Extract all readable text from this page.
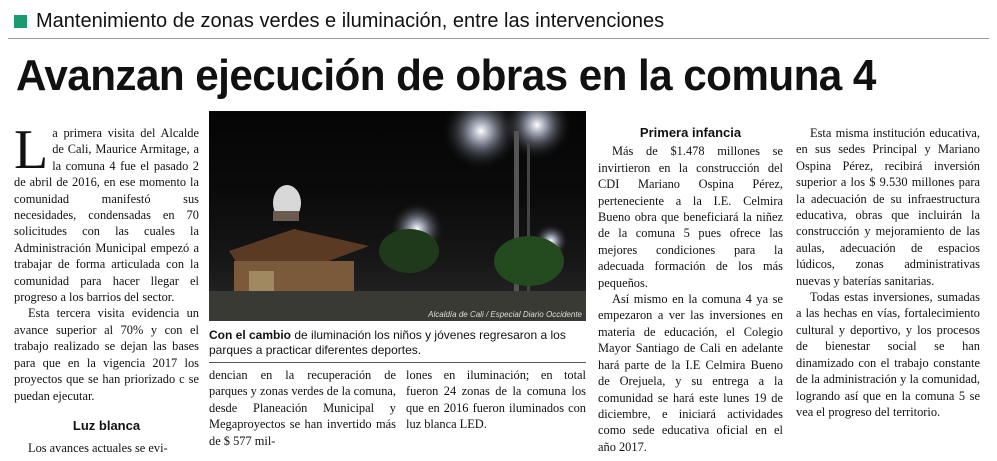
Mantenimiento de zonas verdes e iluminación, entre las intervenciones
Avanzan ejecución de obras en la comuna 4

La primera visita del Alcalde de Cali, Maurice Armitage, a la comuna 4 fue el pasado 2 de abril de 2016, en ese momento la comunidad manifestó sus necesidades, condensadas en 70 solicitudes con las cuales la Administración Municipal empezó a trabajar de forma articulada con la comunidad para hacer llegar el progreso a los barrios del sector.

Esta tercera visita evidencia un avance superior al 70% y con el trabajo realizado se dejan las bases para que en la vigencia 2017 los proyectos que se han priorizado c se puedan ejecutar.

Luz blanca

Los avances actuales se evi-

Alcaldía de Cali / Especial Diario Occidente
Con el cambio de iluminación los niños y jóvenes regresaron a los parques a practicar diferentes deportes.

dencian en la recuperación de parques y zonas verdes de la comuna, desde Planeación Municipal y Megaproyectos se han invertido más de $ 577 mil-

lones en iluminación; en total fueron 24 zonas de la comuna los que en 2016 fueron iluminados con luz blanca LED.

Primera infancia

Más de $1.478 millones se invirtieron en la construcción del CDI Mariano Ospina Pérez, perteneciente a la I.E. Celmira Bueno obra que beneficiará la niñez de la comuna 5 pues ofrece las mejores condiciones para la adecuada formación de los más pequeños.

Así mismo en la comuna 4 ya se empezaron a ver las inversiones en materia de educación, el Colegio Mayor Santiago de Cali en adelante hará parte de la I.E Celmira Bueno de Orejuela, y su entrega a la comunidad se hará este lunes 19 de diciembre, e iniciará actividades como sede educativa oficial en el año 2017.

Esta misma institución educativa, en sus sedes Principal y Mariano Ospina Pérez, recibirá inversión superior a los $ 9.530 millones para la adecuación de su infraestructura educativa, obras que incluirán la construcción y mejoramiento de las aulas, adecuación de espacios lúdicos, zonas administrativas nuevas y baterías sanitarias.

Todas estas inversiones, sumadas a las hechas en vías, fortalecimiento cultural y deportivo, y los procesos de bienestar social se han dinamizado con el trabajo constante de la administración y la comunidad, logrando así que en la comuna 5 se vea el progreso del territorio.
